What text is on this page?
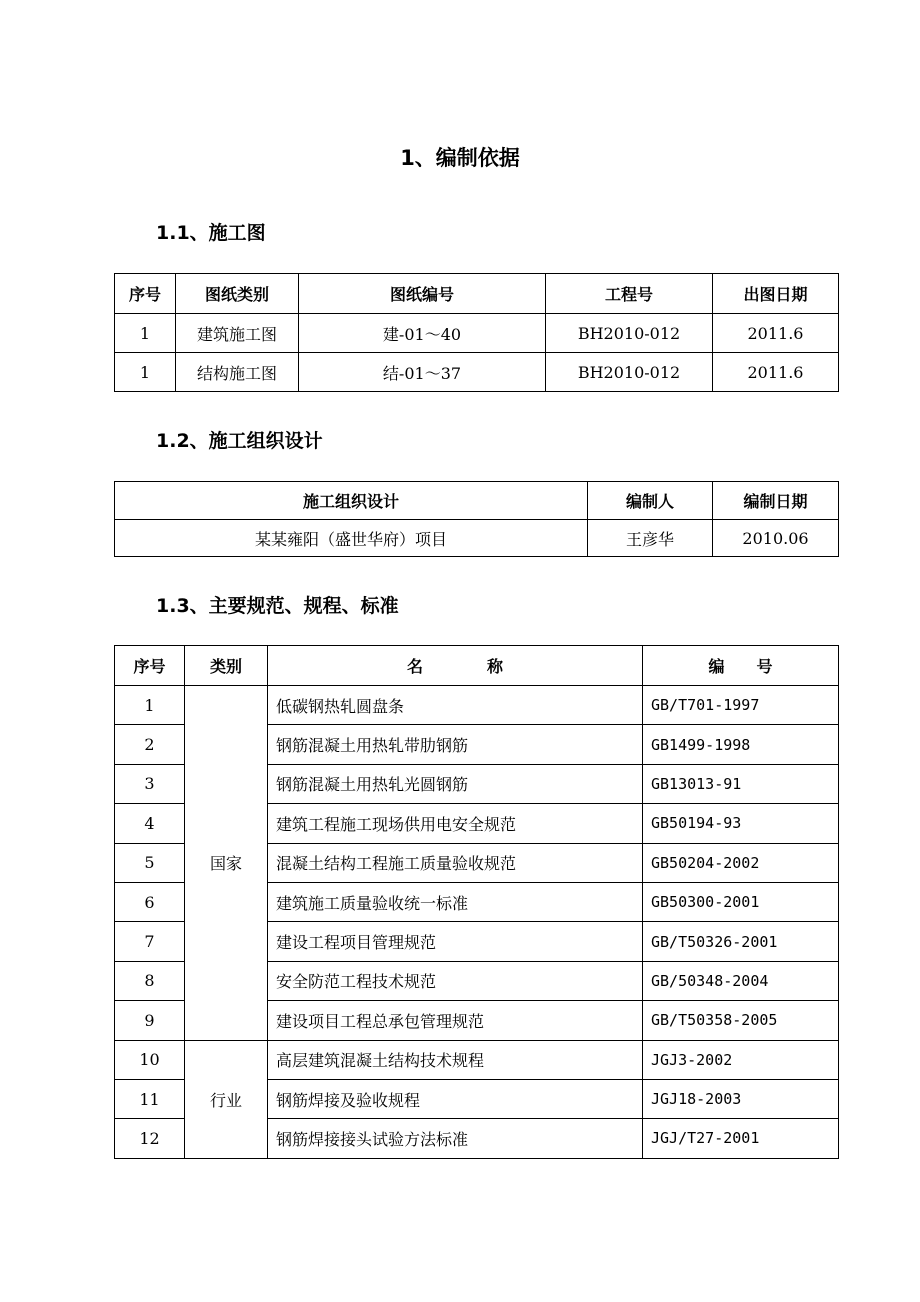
1、编制依据
1.1、施工图
序号	图纸类别	图纸编号	工程号	出图日期
1	建筑施工图	建-01～40	BH2010-012	2011.6
1	结构施工图	结-01～37	BH2010-012	2011.6
1.2、施工组织设计
施工组织设计	编制人	编制日期
某某雍阳（盛世华府）项目	王彦华	2010.06
1.3、主要规范、规程、标准
序号	类别	名　　　　称	编　　号
1	国家	低碳钢热轧圆盘条	GB/T701-1997
2		钢筋混凝土用热轧带肋钢筋	GB1499-1998
3		钢筋混凝土用热轧光圆钢筋	GB13013-91
4		建筑工程施工现场供用电安全规范	GB50194-93
5		混凝土结构工程施工质量验收规范	GB50204-2002
6		建筑施工质量验收统一标准	GB50300-2001
7		建设工程项目管理规范	GB/T50326-2001
8		安全防范工程技术规范	GB/50348-2004
9		建设项目工程总承包管理规范	GB/T50358-2005
10	行业	高层建筑混凝土结构技术规程	JGJ3-2002
11		钢筋焊接及验收规程	JGJ18-2003
12		钢筋焊接接头试验方法标准	JGJ/T27-2001
